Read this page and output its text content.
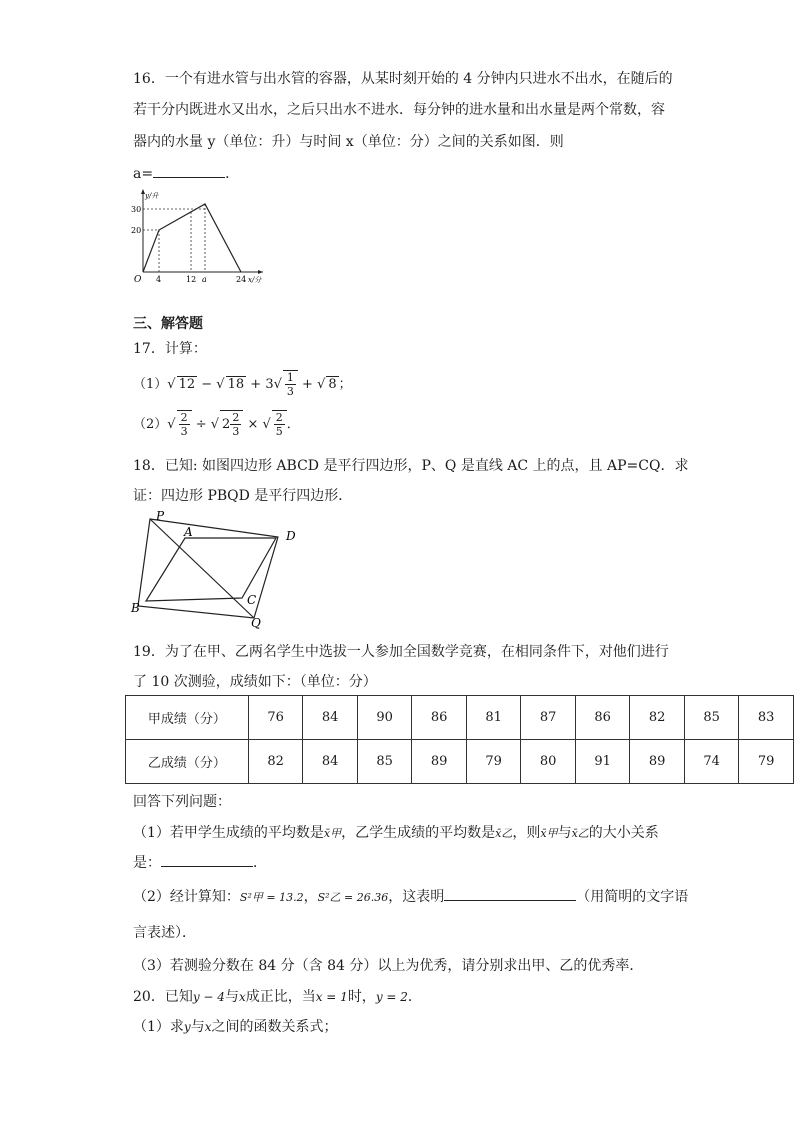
16．一个有进水管与出水管的容器，从某时刻开始的 4 分钟内只进水不出水，在随后的
若干分内既进水又出水，之后只出水不进水．每分钟的进水量和出水量是两个常数，容
器内的水量 y（单位：升）与时间 x（单位：分）之间的关系如图．则
a=	．
y/升
x/分
O
30
20
4	12 a	24
三、解答题
17．计算：
（1）√ 12 − √ $18 + 3√ \frac{1}{3}$ + √ 8 ；
$(2)√ \frac{2}{3}$ ÷ √ $2 \frac{2}{3}$ × √ $\frac{2}{5}$ ．
18．已知: 如图四边形 ABCD 是平行四边形，P、Q 是直线 AC 上的点，且 AP=CQ．求
证：四边形 PBQD 是平行四边形．
P
A	D
B
C
Q
19．为了在甲、乙两名学生中选拔一人参加全国数学竞赛，在相同条件下，对他们进行
了 10 次测验，成绩如下：（单位：分）
甲成绩（分）	76	84	90	86	81	87	86	82	85	83
乙成绩（分）	82	84	85	89	79	80	91	89	74	79
回答下列问题：
（1）若甲学生成绩的平均数是x̄甲，乙学生成绩的平均数是x̄乙，则x̄甲与x̄乙的大小关系
是：	．
（2）经计算知：S²甲 = 13.2，S²乙 = 26.36，这表明	（用简明的文字语
言表述）．
（3）若测验分数在 84 分（含 84 分）以上为优秀，请分别求出甲、乙的优秀率．
20．已知y − 4与x成正比，当x = 1时，y = 2．
（1）求y与x之间的函数关系式；
